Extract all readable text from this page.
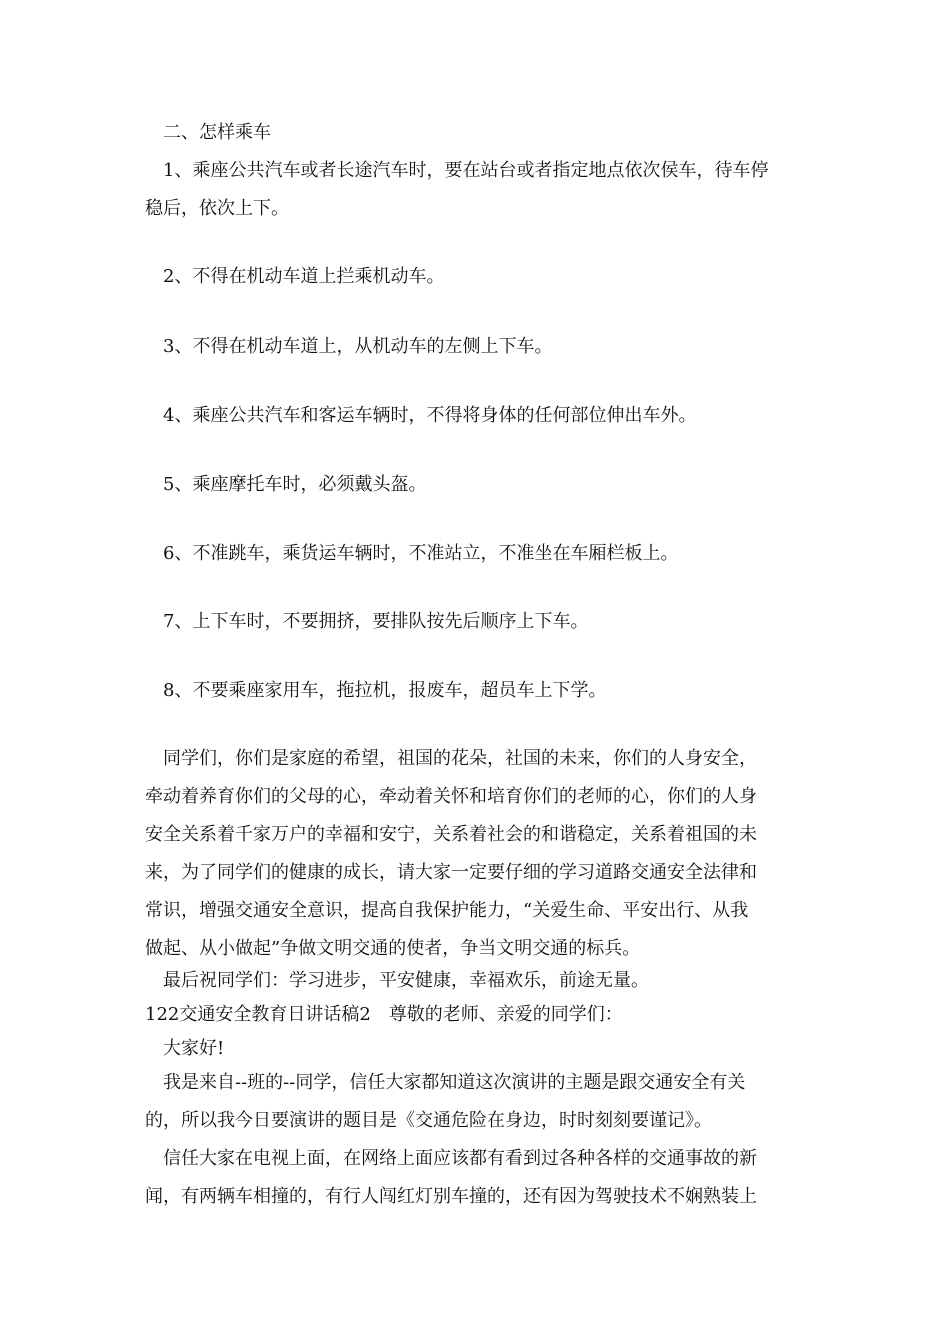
二、怎样乘车

1、乘座公共汽车或者长途汽车时，要在站台或者指定地点依次侯车，待车停

稳后，依次上下。

2、不得在机动车道上拦乘机动车。

3、不得在机动车道上，从机动车的左侧上下车。

4、乘座公共汽车和客运车辆时，不得将身体的任何部位伸出车外。

5、乘座摩托车时，必须戴头盔。

6、不准跳车，乘货运车辆时，不准站立，不准坐在车厢栏板上。

7、上下车时，不要拥挤，要排队按先后顺序上下车。

8、不要乘座家用车，拖拉机，报废车，超员车上下学。

同学们，你们是家庭的希望，祖国的花朵，社国的未来，你们的人身安全，

牵动着养育你们的父母的心，牵动着关怀和培育你们的老师的心，你们的人身

安全关系着千家万户的幸福和安宁，关系着社会的和谐稳定，关系着祖国的未

来，为了同学们的健康的成长，请大家一定要仔细的学习道路交通安全法律和

常识，增强交通安全意识，提高自我保护能力，“关爱生命、平安出行、从我

做起、从小做起”争做文明交通的使者，争当文明交通的标兵。

最后祝同学们：学习进步，平安健康，幸福欢乐，前途无量。

122交通安全教育日讲话稿2　尊敬的老师、亲爱的同学们：

大家好!

我是来自--班的--同学，信任大家都知道这次演讲的主题是跟交通安全有关

的，所以我今日要演讲的题目是《交通危险在身边，时时刻刻要谨记》。

信任大家在电视上面，在网络上面应该都有看到过各种各样的交通事故的新

闻，有两辆车相撞的，有行人闯红灯别车撞的，还有因为驾驶技术不娴熟装上
